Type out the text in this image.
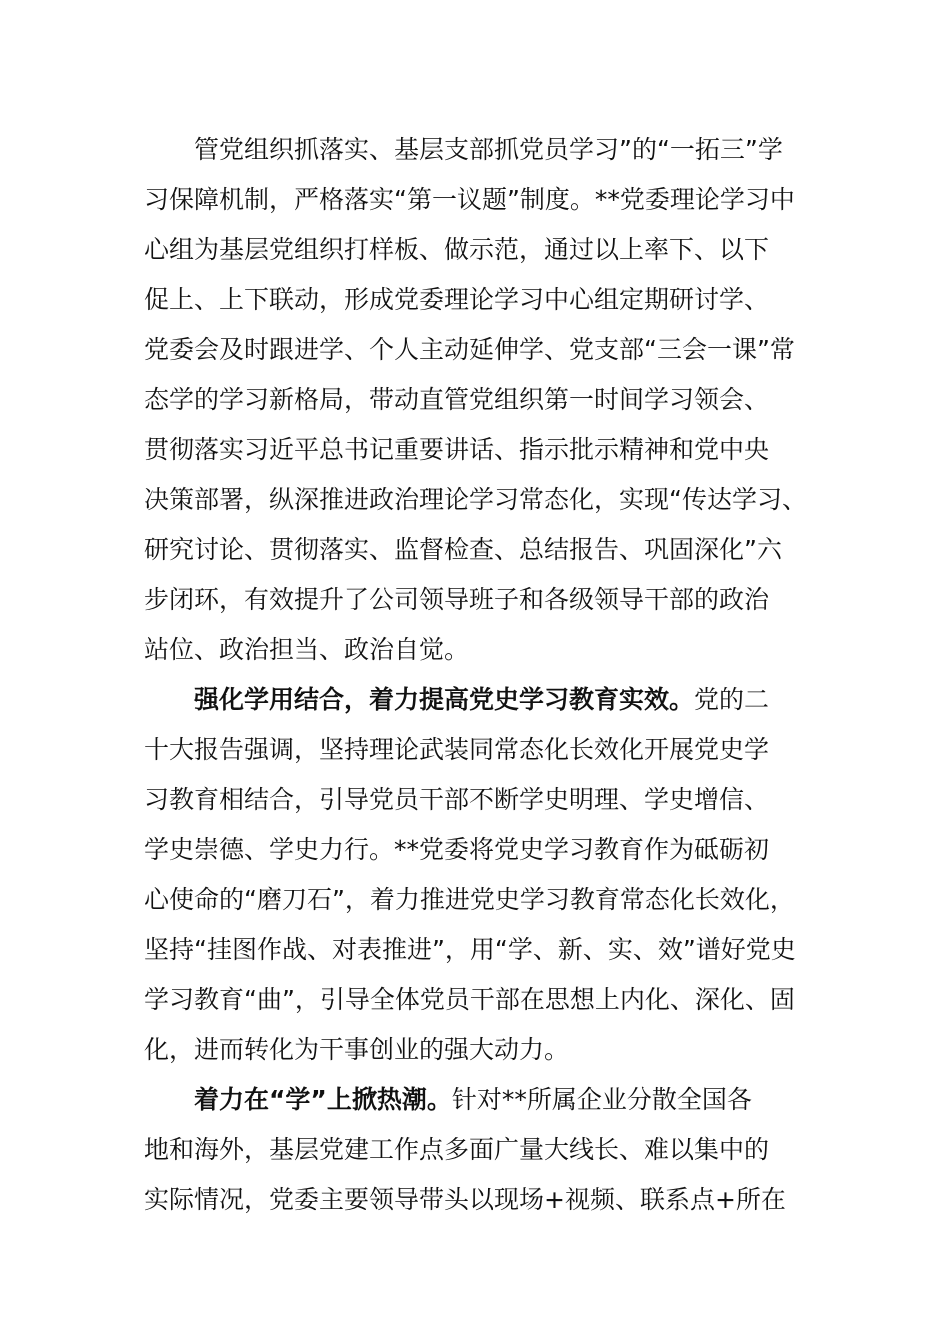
管党组织抓落实、基层支部抓党员学习”的“一拓三”学
习保障机制，严格落实“第一议题”制度。**党委理论学习中
心组为基层党组织打样板、做示范，通过以上率下、以下
促上、上下联动，形成党委理论学习中心组定期研讨学、
党委会及时跟进学、个人主动延伸学、党支部“三会一课”常
态学的学习新格局，带动直管党组织第一时间学习领会、
贯彻落实习近平总书记重要讲话、指示批示精神和党中央
决策部署，纵深推进政治理论学习常态化，实现“传达学习、
研究讨论、贯彻落实、监督检查、总结报告、巩固深化”六
步闭环，有效提升了公司领导班子和各级领导干部的政治
站位、政治担当、政治自觉。
强化学用结合，着力提高党史学习教育实效。党的二
十大报告强调，坚持理论武装同常态化长效化开展党史学
习教育相结合，引导党员干部不断学史明理、学史增信、
学史崇德、学史力行。**党委将党史学习教育作为砥砺初
心使命的“磨刀石”，着力推进党史学习教育常态化长效化，
坚持“挂图作战、对表推进”，用“学、新、实、效”谱好党史
学习教育“曲”，引导全体党员干部在思想上内化、深化、固
化，进而转化为干事创业的强大动力。
着力在“学”上掀热潮。针对**所属企业分散全国各
地和海外，基层党建工作点多面广量大线长、难以集中的
实际情况，党委主要领导带头以现场+视频、联系点+所在
